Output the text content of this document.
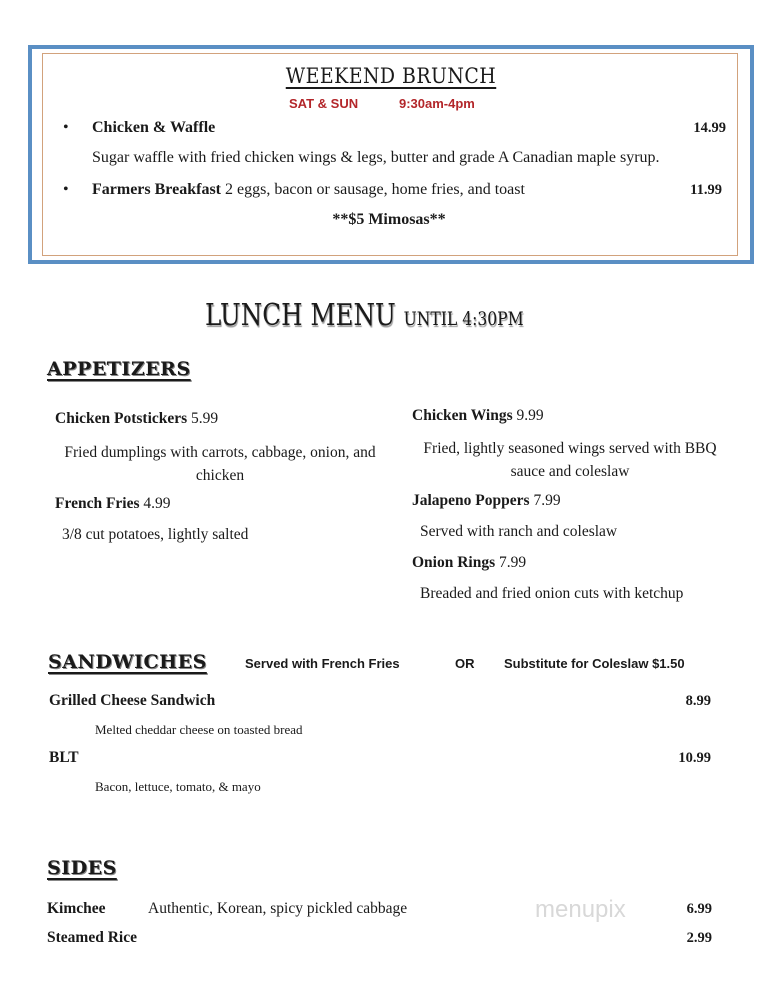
WEEKEND BRUNCH
SAT & SUN	9:30am-4pm
• Chicken & Waffle	14.99
Sugar waffle with fried chicken wings & legs, butter and grade A Canadian maple syrup.
• Farmers Breakfast 2 eggs, bacon or sausage, home fries, and toast	11.99
**$5 Mimosas**
LUNCH MENU UNTIL 4:30PM
APPETIZERS
Chicken Potstickers 5.99
Fried dumplings with carrots, cabbage, onion, and chicken
French Fries 4.99
3/8 cut potatoes, lightly salted
Chicken Wings 9.99
Fried, lightly seasoned wings served with BBQ sauce and coleslaw
Jalapeno Poppers 7.99
Served with ranch and coleslaw
Onion Rings 7.99
Breaded and fried onion cuts with ketchup
SANDWICHES	Served with French Fries	OR Substitute for Coleslaw $1.50
Grilled Cheese Sandwich	8.99
Melted cheddar cheese on toasted bread
BLT	10.99
Bacon, lettuce, tomato, & mayo
SIDES
Kimchee	Authentic, Korean, spicy pickled cabbage	menupix	6.99
Steamed Rice	2.99
